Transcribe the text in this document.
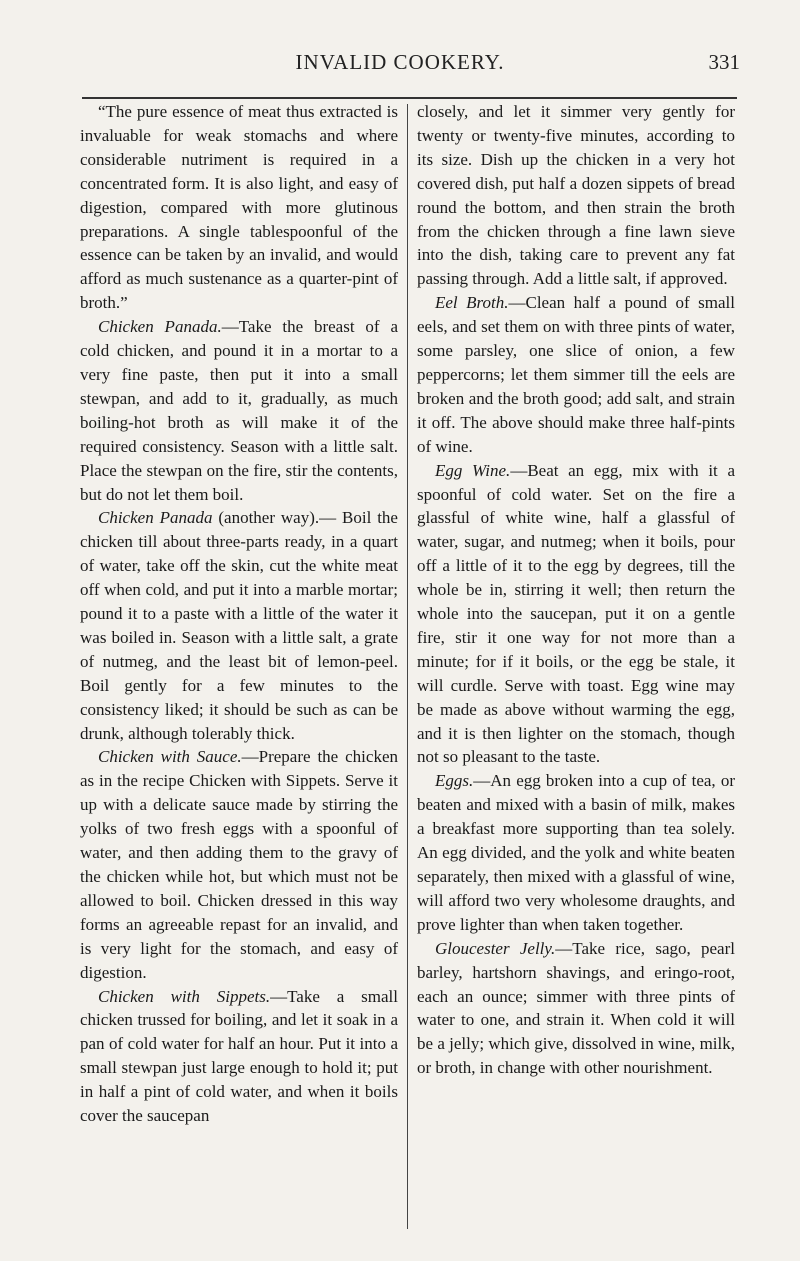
INVALID COOKERY.	331

“The pure essence of meat thus extracted is invaluable for weak stomachs and where considerable nutriment is required in a concentrated form. It is also light, and easy of digestion, compared with more glutinous preparations. A single tablespoonful of the essence can be taken by an invalid, and would afford as much sustenance as a quarter-pint of broth.”

Chicken Panada.—Take the breast of a cold chicken, and pound it in a mortar to a very fine paste, then put it into a small stewpan, and add to it, gradually, as much boiling-hot broth as will make it of the required consistency. Season with a little salt. Place the stewpan on the fire, stir the contents, but do not let them boil.

Chicken Panada (another way).— Boil the chicken till about three-parts ready, in a quart of water, take off the skin, cut the white meat off when cold, and put it into a marble mortar; pound it to a paste with a little of the water it was boiled in. Season with a little salt, a grate of nutmeg, and the least bit of lemon-peel. Boil gently for a few minutes to the consistency liked; it should be such as can be drunk, although tolerably thick.

Chicken with Sauce.—Prepare the chicken as in the recipe Chicken with Sippets. Serve it up with a delicate sauce made by stirring the yolks of two fresh eggs with a spoonful of water, and then adding them to the gravy of the chicken while hot, but which must not be allowed to boil. Chicken dressed in this way forms an agreeable repast for an invalid, and is very light for the stomach, and easy of digestion.

Chicken with Sippets.—Take a small chicken trussed for boiling, and let it soak in a pan of cold water for half an hour. Put it into a small stewpan just large enough to hold it; put in half a pint of cold water, and when it boils cover the saucepan

closely, and let it simmer very gently for twenty or twenty-five minutes, according to its size. Dish up the chicken in a very hot covered dish, put half a dozen sippets of bread round the bottom, and then strain the broth from the chicken through a fine lawn sieve into the dish, taking care to prevent any fat passing through. Add a little salt, if approved.

Eel Broth.—Clean half a pound of small eels, and set them on with three pints of water, some parsley, one slice of onion, a few peppercorns; let them simmer till the eels are broken and the broth good; add salt, and strain it off. The above should make three half-pints of wine.

Egg Wine.—Beat an egg, mix with it a spoonful of cold water. Set on the fire a glassful of white wine, half a glassful of water, sugar, and nutmeg; when it boils, pour off a little of it to the egg by degrees, till the whole be in, stirring it well; then return the whole into the saucepan, put it on a gentle fire, stir it one way for not more than a minute; for if it boils, or the egg be stale, it will curdle. Serve with toast. Egg wine may be made as above without warming the egg, and it is then lighter on the stomach, though not so pleasant to the taste.

Eggs.—An egg broken into a cup of tea, or beaten and mixed with a basin of milk, makes a breakfast more supporting than tea solely. An egg divided, and the yolk and white beaten separately, then mixed with a glassful of wine, will afford two very wholesome draughts, and prove lighter than when taken together.

Gloucester Jelly.—Take rice, sago, pearl barley, hartshorn shavings, and eringo-root, each an ounce; simmer with three pints of water to one, and strain it. When cold it will be a jelly; which give, dissolved in wine, milk, or broth, in change with other nourishment.
